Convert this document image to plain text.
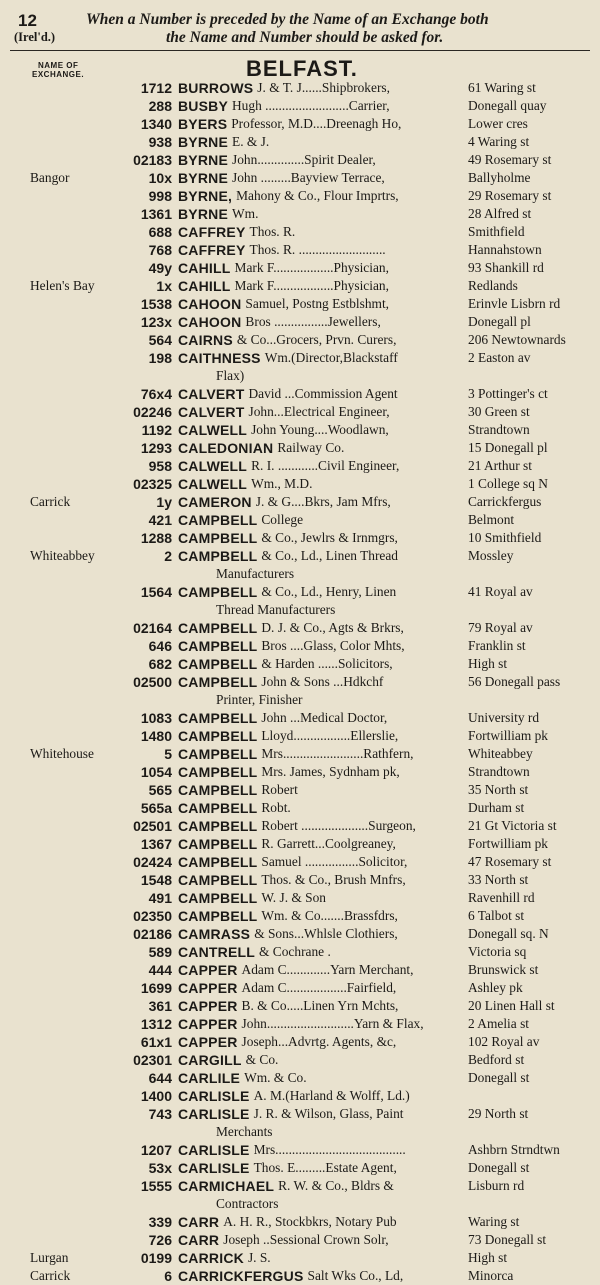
12
(Irel'd.)
When a Number is preceded by the Name of an Exchange both
the Name and Number should be asked for.
NAME OF
EXCHANGE.	BELFAST.
1712 BURROWS J. & T. J......Shipbrokers,	61 Waring st
288 BUSBY Hugh .........................Carrier,	Donegall quay
1340 BYERS Professor, M.D....Dreenagh Ho,	Lower cres
938 BYRNE E. & J.	4 Waring st
02183 BYRNE John..............Spirit Dealer,	49 Rosemary st
Bangor	10x BYRNE John .........Bayview Terrace,	Ballyholme
998 BYRNE, Mahony & Co., Flour Imprtrs,	29 Rosemary st
1361 BYRNE Wm.	28 Alfred st
688 CAFFREY Thos. R.	Smithfield
768 CAFFREY Thos. R. ..........................	Hannahstown
49y CAHILL Mark F..................Physician,	93 Shankill rd
Helen's Bay	1x CAHILL Mark F..................Physician,	Redlands
1538 CAHOON Samuel, Postng Estblshmt,	Erinvle Lisbrn rd
123x CAHOON Bros ................Jewellers,	Donegall pl
564 CAIRNS & Co...Grocers, Prvn. Curers,	206 Newtownards
198 CAITHNESS Wm.(Director,Blackstaff	2 Easton av
Flax)
76x4 CALVERT David ...Commission Agent	3 Pottinger's ct
02246 CALVERT John...Electrical Engineer,	30 Green st
1192 CALWELL John Young....Woodlawn,	Strandtown
1293 CALEDONIAN Railway Co.	15 Donegall pl
958 CALWELL R. I. ............Civil Engineer,	21 Arthur st
02325 CALWELL Wm., M.D.	1 College sq N
Carrick	1y CAMERON J. & G....Bkrs, Jam Mfrs,	Carrickfergus
421 CAMPBELL College	Belmont
1288 CAMPBELL & Co., Jewlrs & Irnmgrs,	10 Smithfield
Whiteabbey	2 CAMPBELL & Co., Ld., Linen Thread	Mossley
Manufacturers
1564 CAMPBELL & Co., Ld., Henry, Linen	41 Royal av
Thread Manufacturers
02164 CAMPBELL D. J. & Co., Agts & Brkrs,	79 Royal av
646 CAMPBELL Bros ....Glass, Color Mhts,	Franklin st
682 CAMPBELL & Harden ......Solicitors,	High st
02500 CAMPBELL John & Sons ...Hdkchf	56 Donegall pass
Printer, Finisher
1083 CAMPBELL John ...Medical Doctor,	University rd
1480 CAMPBELL Lloyd.................Ellerslie,	Fortwilliam pk
Whitehouse	5 CAMPBELL Mrs........................Rathfern,	Whiteabbey
1054 CAMPBELL Mrs. James, Sydnham pk,	Strandtown
565 CAMPBELL Robert	35 North st
565a CAMPBELL Robt.	Durham st
02501 CAMPBELL Robert ....................Surgeon,	21 Gt Victoria st
1367 CAMPBELL R. Garrett...Coolgreaney,	Fortwilliam pk
02424 CAMPBELL Samuel ................Solicitor,	47 Rosemary st
1548 CAMPBELL Thos. & Co., Brush Mnfrs,	33 North st
491 CAMPBELL W. J. & Son	Ravenhill rd
02350 CAMPBELL Wm. & Co.......Brassfdrs,	6 Talbot st
02186 CAMRASS & Sons...Whlsle Clothiers,	Donegall sq. N
589 CANTRELL & Cochrane .	Victoria sq
444 CAPPER Adam C.............Yarn Merchant,	Brunswick st
1699 CAPPER Adam C..................Fairfield,	Ashley pk
361 CAPPER B. & Co.....Linen Yrn Mchts,	20 Linen Hall st
1312 CAPPER John..........................Yarn & Flax,	2 Amelia st
61x1 CAPPER Joseph...Advrtg. Agents, &c,	102 Royal av
02301 CARGILL & Co.	Bedford st
644 CARLILE Wm. & Co.	Donegall st
1400 CARLISLE A. M.(Harland & Wolff, Ld.)
743 CARLISLE J. R. & Wilson, Glass, Paint	29 North st
Merchants
1207 CARLISLE Mrs.......................................	Ashbrn Strndtwn
53x CARLISLE Thos. E.........Estate Agent,	Donegall st
1555 CARMICHAEL R. W. & Co., Bldrs &	Lisburn rd
Contractors
339 CARR A. H. R., Stockbkrs, Notary Pub	Waring st
726 CARR Joseph ..Sessional Crown Solr,	73 Donegall st
Lurgan	0199 CARRICK J. S.	High st
Carrick	6 CARRICKFERGUS Salt Wks Co., Ld,	Minorca
